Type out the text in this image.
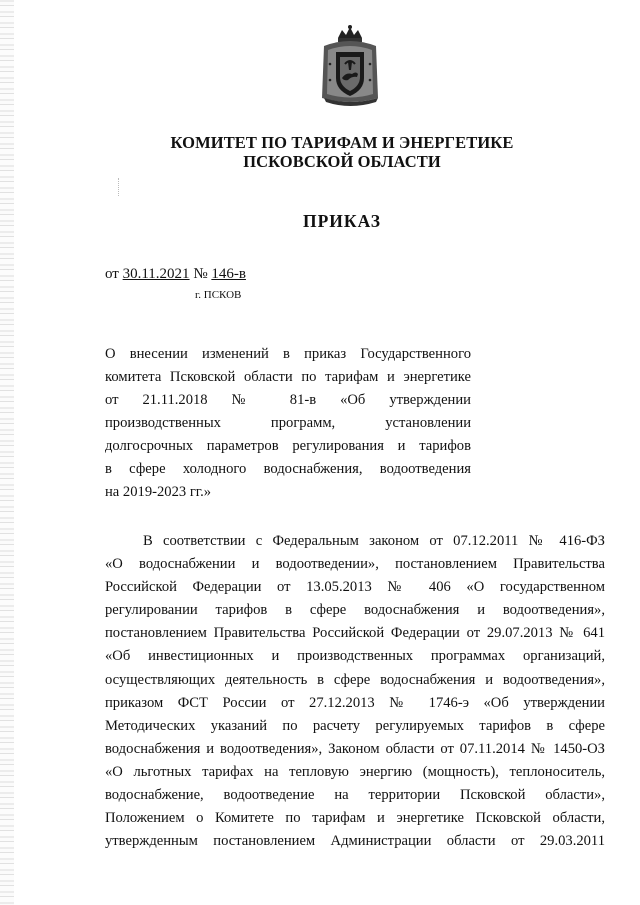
КОМИТЕТ ПО ТАРИФАМ И ЭНЕРГЕТИКЕ
ПСКОВСКОЙ ОБЛАСТИ
ПРИКАЗ
от 30.11.2021 № 146-в
г. ПСКОВ
О внесении изменений в приказ Государственного
комитета Псковской области по тарифам и энергетике
от 21.11.2018 № 81-в «Об утверждении
производственных программ, установлении
долгосрочных параметров регулирования и тарифов
в сфере холодного водоснабжения, водоотведения
на 2019-2023 гг.»
В соответствии с Федеральным законом от 07.12.2011 № 416-ФЗ
«О водоснабжении и водоотведении», постановлением Правительства
Российской Федерации от 13.05.2013 № 406 «О государственном
регулировании тарифов в сфере водоснабжения и водоотведения»,
постановлением Правительства Российской Федерации от 29.07.2013 № 641
«Об инвестиционных и производственных программах организаций,
осуществляющих деятельность в сфере водоснабжения и водоотведения»,
приказом ФСТ России от 27.12.2013 № 1746-э «Об утверждении
Методических указаний по расчету регулируемых тарифов в сфере
водоснабжения и водоотведения», Законом области от 07.11.2014 № 1450-ОЗ
«О льготных тарифах на тепловую энергию (мощность), теплоноситель,
водоснабжение, водоотведение на территории Псковской области»,
Положением о Комитете по тарифам и энергетике Псковской области,
утвержденным постановлением Администрации области от 29.03.2011
